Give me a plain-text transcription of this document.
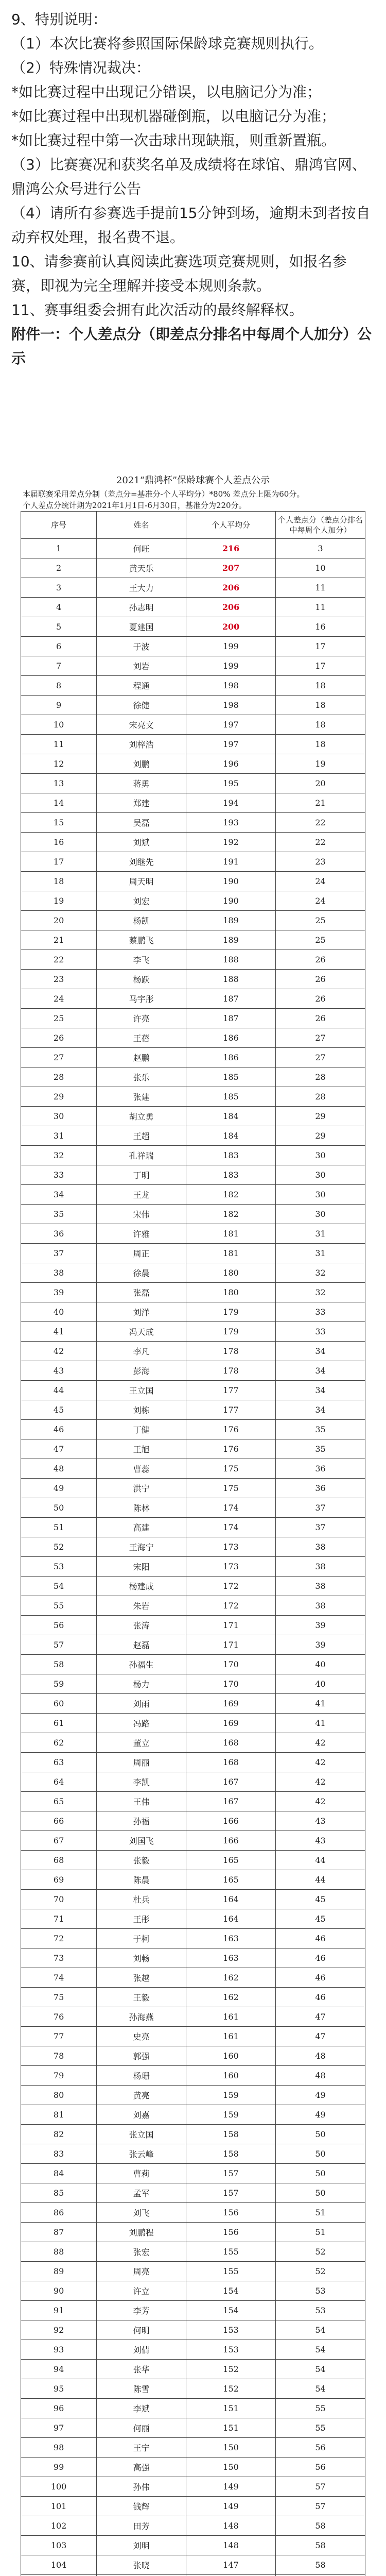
9、特别说明：

（1）本次比赛将参照国际保龄球竞赛规则执行。

（2）特殊情况裁决：

*如比赛过程中出现记分错误，以电脑记分为准；

*如比赛过程中出现机器碰倒瓶，以电脑记分为准；

*如比赛过程中第一次击球出现缺瓶，则重新置瓶。

（3）比赛赛况和获奖名单及成绩将在球馆、鼎鸿官网、鼎鸿公众号进行公告

（4）请所有参赛选手提前15分钟到场，逾期未到者按自动弃权处理，报名费不退。

10、请参赛前认真阅读此赛选项竞赛规则，如报名参赛，即视为完全理解并接受本规则条款。

11、赛事组委会拥有此次活动的最终解释权。

附件一：个人差点分（即差点分排名中每周个人加分）公示

2021“鼎鸿杯”保龄球赛个人差点公示
本届联赛采用差点分制（差点分=基准分-个人平均分）*80% 差点分上限为60分。
个人差点分统计期为2021年1月1日-6月30日，基准分为220分。
序号	姓名	个人平均分	个人差点分（差点分排名中每周个人加分）
1	何旺	216	3
2	黄天乐	207	10
3	王大力	206	11
4	孙志明	206	11
5	夏建国	200	16
6	于波	199	17
7	刘岩	199	17
8	程通	198	18
9	徐健	198	18
10	宋亮文	197	18
11	刘梓浩	197	18
12	刘鹏	196	19
13	蒋勇	195	20
14	郑建	194	21
15	吴磊	193	22
16	刘斌	192	22
17	刘继先	191	23
18	周天明	190	24
19	刘宏	190	24
20	杨凯	189	25
21	蔡鹏飞	189	25
22	李飞	188	26
23	杨跃	188	26
24	马宇彤	187	26
25	许亮	187	26
26	王蓓	186	27
27	赵鹏	186	27
28	张乐	185	28
29	张建	185	28
30	胡立勇	184	29
31	王超	184	29
32	孔祥瑞	183	30
33	丁明	183	30
34	王龙	182	30
35	宋伟	182	30
36	许雅	181	31
37	周正	181	31
38	徐晨	180	32
39	张磊	180	32
40	刘洋	179	33
41	冯天成	179	33
42	李凡	178	34
43	彭海	178	34
44	王立国	177	34
45	刘栋	177	34
46	丁健	176	35
47	王旭	176	35
48	曹蕊	175	36
49	洪宁	175	36
50	陈林	174	37
51	高建	174	37
52	王海宁	173	38
53	宋阳	173	38
54	杨建成	172	38
55	朱岩	172	38
56	张涛	171	39
57	赵磊	171	39
58	孙福生	170	40
59	杨力	170	40
60	刘雨	169	41
61	冯路	169	41
62	董立	168	42
63	周丽	168	42
64	李凯	167	42
65	王伟	167	42
66	孙福	166	43
67	刘国飞	166	43
68	张毅	165	44
69	陈晨	165	44
70	杜兵	164	45
71	王彤	164	45
72	于柯	163	46
73	刘畅	163	46
74	张越	162	46
75	王毅	162	46
76	孙海燕	161	47
77	史亮	161	47
78	郭强	160	48
79	杨珊	160	48
80	黄亮	159	49
81	刘嘉	159	49
82	张立国	158	50
83	张云峰	158	50
84	曹莉	157	50
85	孟军	157	50
86	刘飞	156	51
87	刘鹏程	156	51
88	张宏	155	52
89	周亮	155	52
90	许立	154	53
91	李芳	154	53
92	何明	153	54
93	刘倩	153	54
94	张华	152	54
95	陈雪	152	54
96	李斌	151	55
97	何丽	151	55
98	王宁	150	56
99	高强	150	56
100	孙伟	149	57
101	钱辉	149	57
102	田芳	148	58
103	刘明	148	58
104	张晓	147	58
